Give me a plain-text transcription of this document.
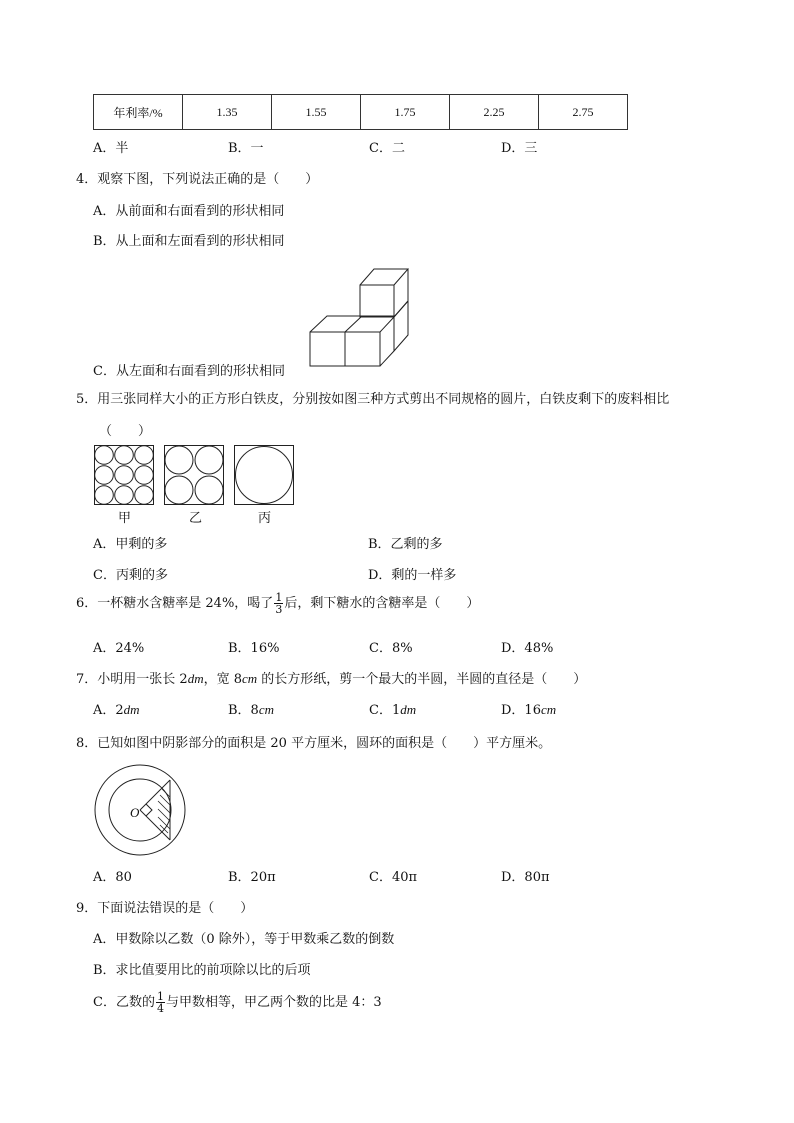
年利率/%	1.35	1.55	1.75	2.25	2.75
A．半	B．一	C．二	D．三
4．观察下图，下列说法正确的是（　　）
A．从前面和右面看到的形状相同
B．从上面和左面看到的形状相同
C．从左面和右面看到的形状相同
5．用三张同样大小的正方形白铁皮，分别按如图三种方式剪出不同规格的圆片，白铁皮剩下的废料相比
（　　）
甲	乙	丙
A．甲剩的多	B．乙剩的多
C．丙剩的多	D．剩的一样多
6．一杯糖水含糖率是 24%，喝了 $\frac{1}{3}$ 后，剩下糖水的含糖率是（　　）
A．24%	B．16%	C．8%	D．48%
7．小明用一张长 2dm，宽 8cm 的长方形纸，剪一个最大的半圆，半圆的直径是（　　）
A．2dm	B．8cm	C．1dm	D．16cm
8．已知如图中阴影部分的面积是 20 平方厘米，圆环的面积是（　　）平方厘米。
O
A．80	B．20π	C．40π	D．80π
9．下面说法错误的是（　　）
A．甲数除以乙数（0 除外），等于甲数乘乙数的倒数
B．求比值要用比的前项除以比的后项
C．乙数的 $\frac{1}{4}$ 与甲数相等，甲乙两个数的比是 4：3
